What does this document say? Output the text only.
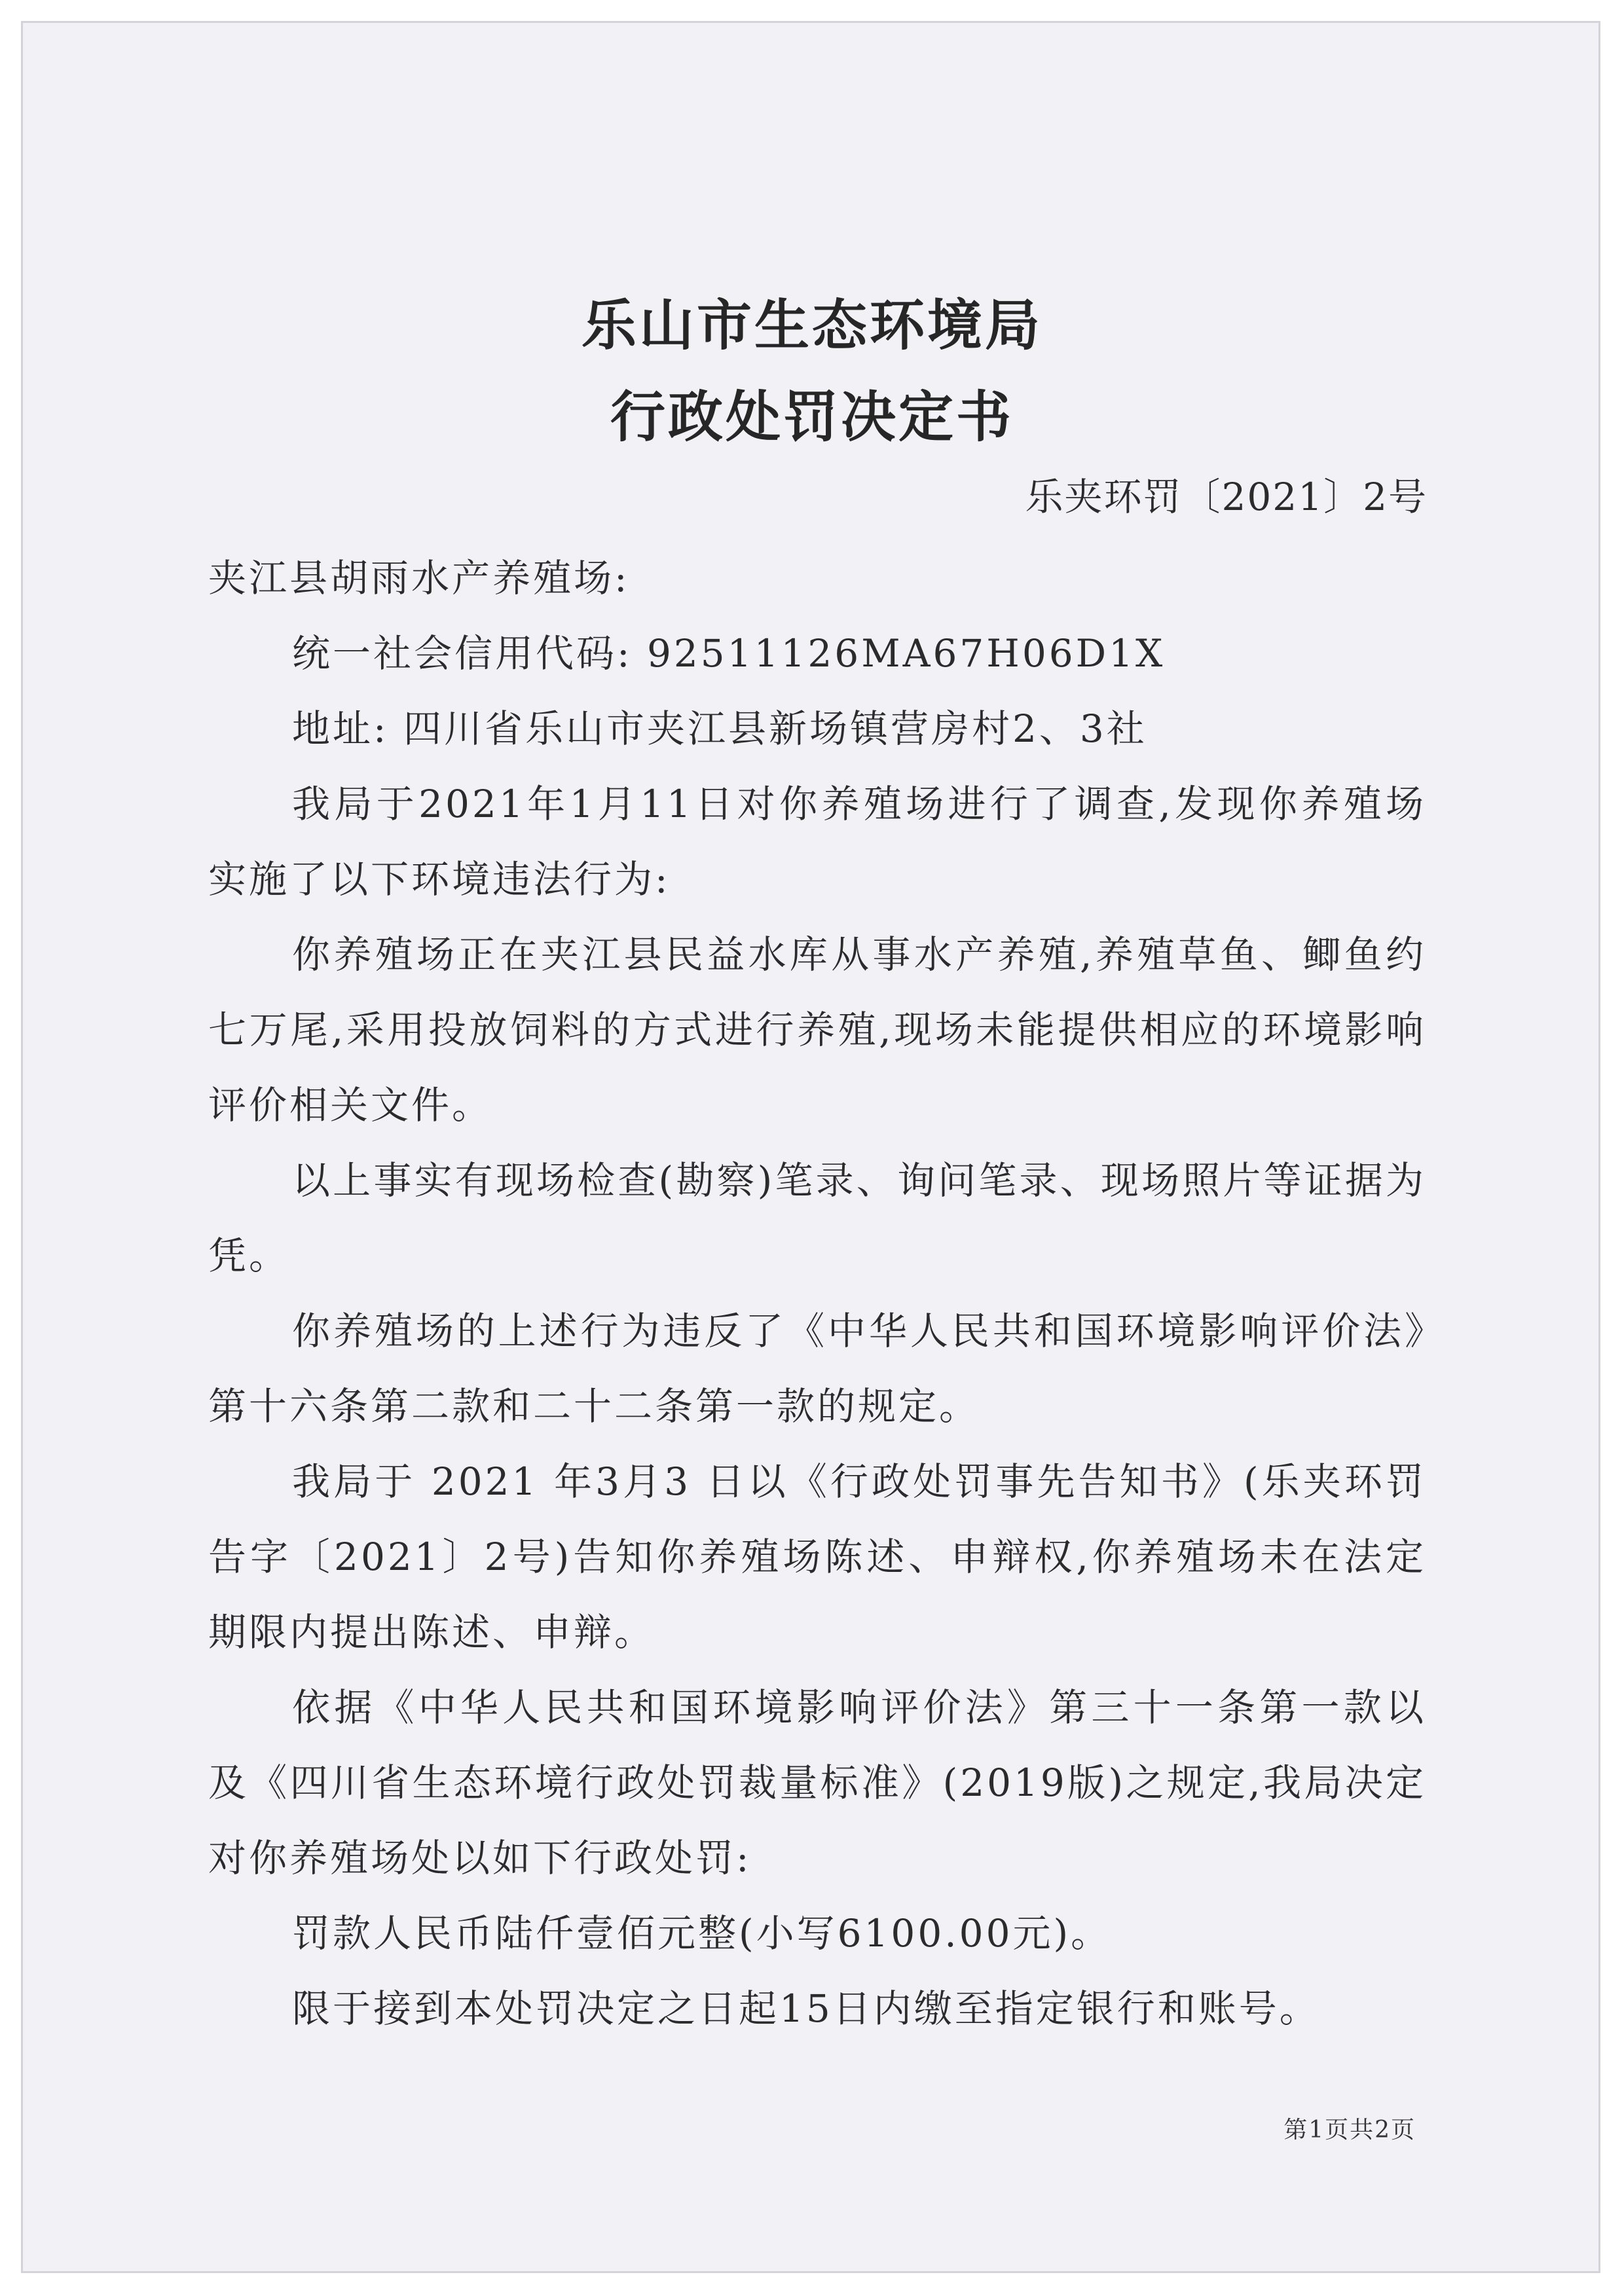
乐山市生态环境局
行政处罚决定书
乐夹环罚〔2021〕2号

夹江县胡雨水产养殖场:

统一社会信用代码: 92511126MA67H06D1X

地址: 四川省乐山市夹江县新场镇营房村2、3社

我局于2021年1月11日对你养殖场进行了调查,发现你养殖场实施了以下环境违法行为:

你养殖场正在夹江县民益水库从事水产养殖,养殖草鱼、鲫鱼约七万尾,采用投放饲料的方式进行养殖,现场未能提供相应的环境影响评价相关文件。

以上事实有现场检查(勘察)笔录、询问笔录、现场照片等证据为凭。

你养殖场的上述行为违反了《中华人民共和国环境影响评价法》第十六条第二款和二十二条第一款的规定。

我局于 2021 年3月3 日以《行政处罚事先告知书》(乐夹环罚告字〔2021〕2号)告知你养殖场陈述、申辩权,你养殖场未在法定期限内提出陈述、申辩。

依据《中华人民共和国环境影响评价法》第三十一条第一款以及《四川省生态环境行政处罚裁量标准》(2019版)之规定,我局决定对你养殖场处以如下行政处罚:

罚款人民币陆仟壹佰元整(小写6100.00元)。

限于接到本处罚决定之日起15日内缴至指定银行和账号。

第1页共2页
